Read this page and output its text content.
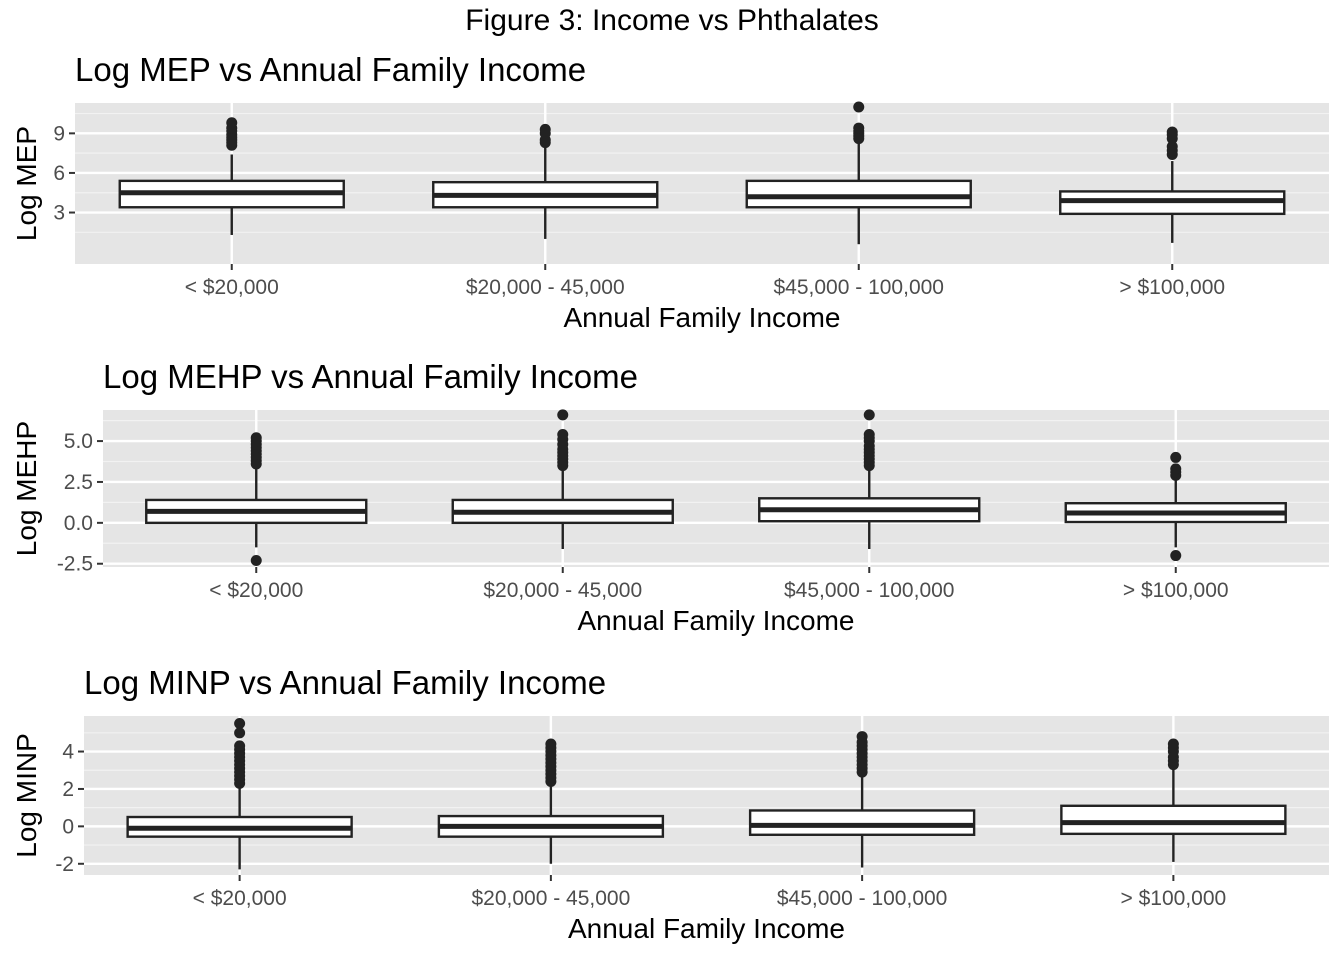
Figure 3: Income vs Phthalates
Log MEP vs Annual Family Income
3
6
9
< $20,000	$20,000 - 45,000	$45,000 - 100,000	> $100,000
Annual Family Income
Log MEP
Log MEHP vs Annual Family Income
-2.5
0.0
2.5
5.0
< $20,000	$20,000 - 45,000	$45,000 - 100,000	> $100,000
Annual Family Income
Log MEHP
Log MINP vs Annual Family Income
-2
0
2
4
< $20,000	$20,000 - 45,000	$45,000 - 100,000	> $100,000
Annual Family Income
Log MINP
